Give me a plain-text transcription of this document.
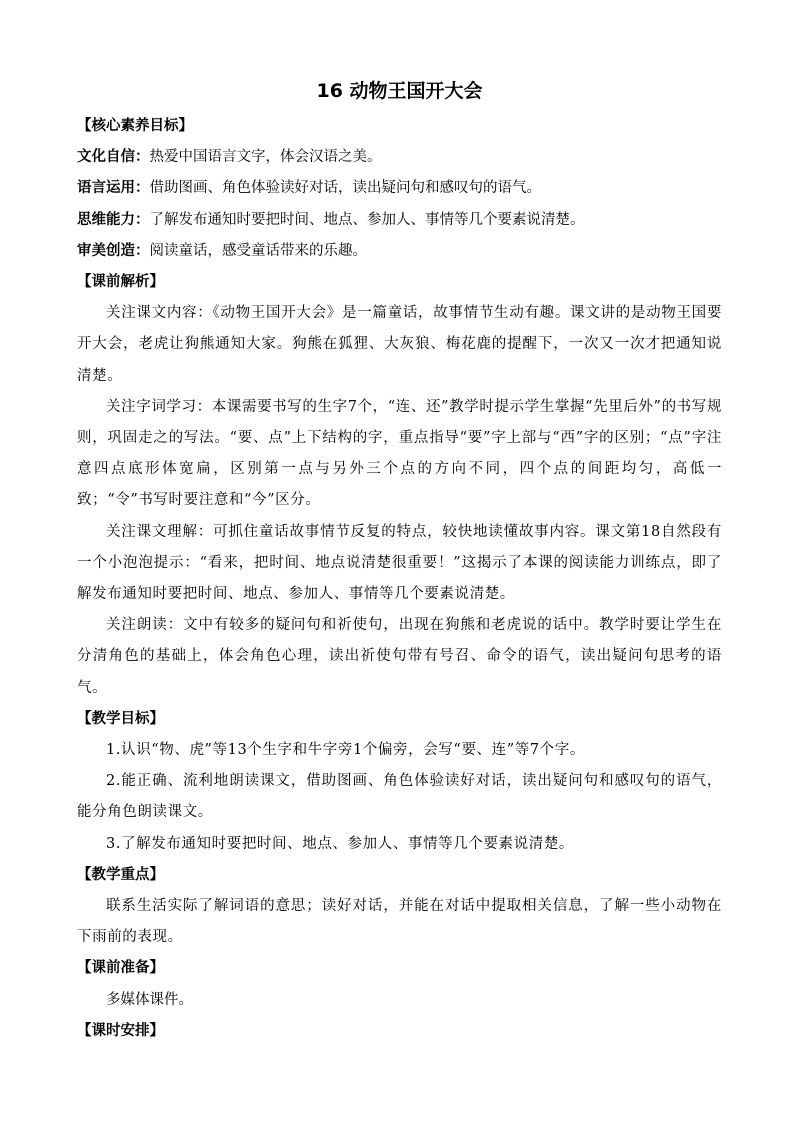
16 动物王国开大会
【核心素养目标】
文化自信：热爱中国语言文字，体会汉语之美。
语言运用：借助图画、角色体验读好对话，读出疑问句和感叹句的语气。
思维能力：了解发布通知时要把时间、地点、参加人、事情等几个要素说清楚。
审美创造：阅读童话，感受童话带来的乐趣。
【课前解析】

关注课文内容：《动物王国开大会》是一篇童话，故事情节生动有趣。课文讲的是动物王国要开大会，老虎让狗熊通知大家。狗熊在狐狸、大灰狼、梅花鹿的提醒下，一次又一次才把通知说清楚。

关注字词学习：本课需要书写的生字7个，“连、还”教学时提示学生掌握“先里后外”的书写规则，巩固走之的写法。“要、点”上下结构的字，重点指导“要”字上部与“西”字的区别；“点”字注意四点底形体宽扁，区别第一点与另外三个点的方向不同，四个点的间距均匀，高低一致；“令”书写时要注意和“今”区分。

关注课文理解：可抓住童话故事情节反复的特点，较快地读懂故事内容。课文第18自然段有一个小泡泡提示：“看来，把时间、地点说清楚很重要！”这揭示了本课的阅读能力训练点，即了解发布通知时要把时间、地点、参加人、事情等几个要素说清楚。

关注朗读：文中有较多的疑问句和祈使句，出现在狗熊和老虎说的话中。教学时要让学生在分清角色的基础上，体会角色心理，读出祈使句带有号召、命令的语气，读出疑问句思考的语气。

【教学目标】

1.认识“物、虎”等13个生字和牛字旁1个偏旁，会写“要、连”等7个字。

2.能正确、流利地朗读课文，借助图画、角色体验读好对话，读出疑问句和感叹句的语气，能分角色朗读课文。

3.了解发布通知时要把时间、地点、参加人、事情等几个要素说清楚。

【教学重点】

联系生活实际了解词语的意思；读好对话，并能在对话中提取相关信息，了解一些小动物在下雨前的表现。

【课前准备】
多媒体课件。
【课时安排】
